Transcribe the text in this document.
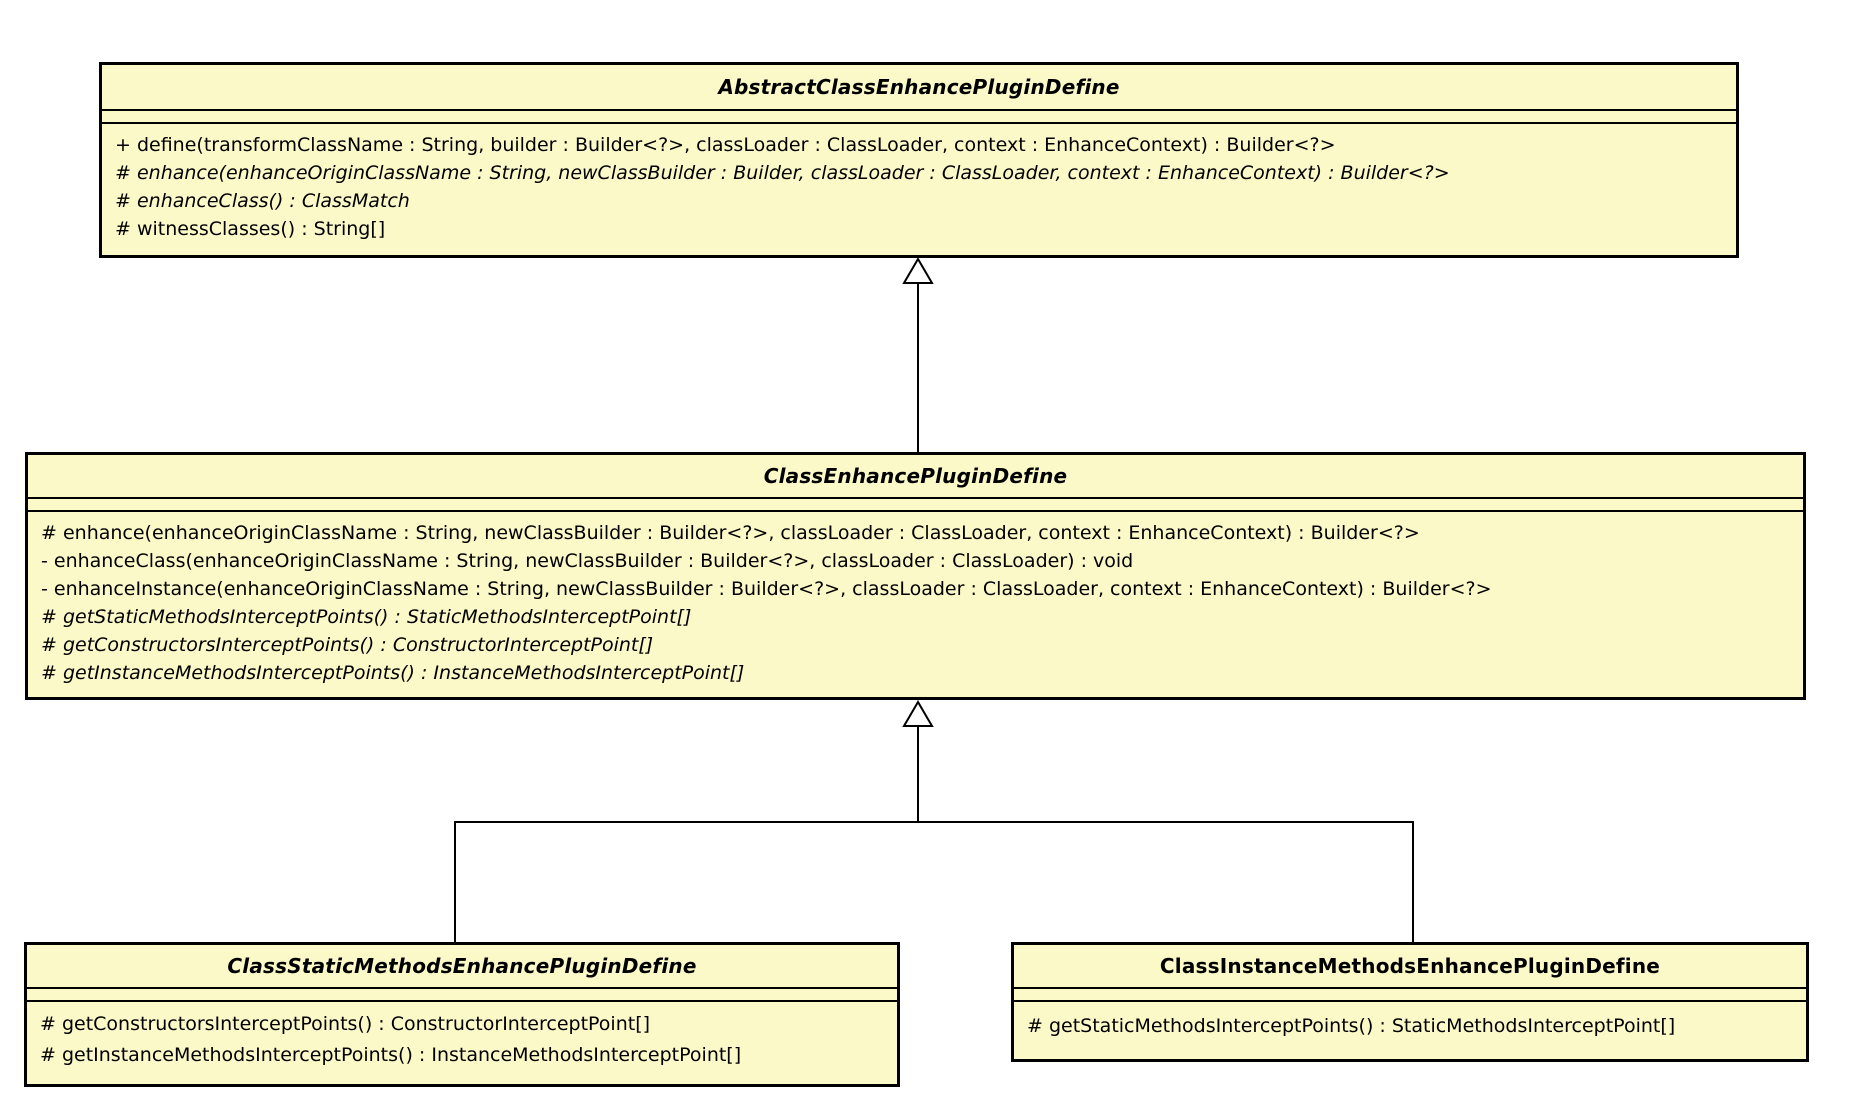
AbstractClassEnhancePluginDefine
+ define(transformClassName : String, builder : Builder<?>, classLoader : ClassLoader, context : EnhanceContext) : Builder<?>
# enhance(enhanceOriginClassName : String, newClassBuilder : Builder, classLoader : ClassLoader, context : EnhanceContext) : Builder<?>
# enhanceClass() : ClassMatch
# witnessClasses() : String[]
ClassEnhancePluginDefine
# enhance(enhanceOriginClassName : String, newClassBuilder : Builder<?>, classLoader : ClassLoader, context : EnhanceContext) : Builder<?>
- enhanceClass(enhanceOriginClassName : String, newClassBuilder : Builder<?>, classLoader : ClassLoader) : void
- enhanceInstance(enhanceOriginClassName : String, newClassBuilder : Builder<?>, classLoader : ClassLoader, context : EnhanceContext) : Builder<?>
# getStaticMethodsInterceptPoints() : StaticMethodsInterceptPoint[]
# getConstructorsInterceptPoints() : ConstructorInterceptPoint[]
# getInstanceMethodsInterceptPoints() : InstanceMethodsInterceptPoint[]
ClassStaticMethodsEnhancePluginDefine
# getConstructorsInterceptPoints() : ConstructorInterceptPoint[]
# getInstanceMethodsInterceptPoints() : InstanceMethodsInterceptPoint[]
ClassInstanceMethodsEnhancePluginDefine
# getStaticMethodsInterceptPoints() : StaticMethodsInterceptPoint[]
